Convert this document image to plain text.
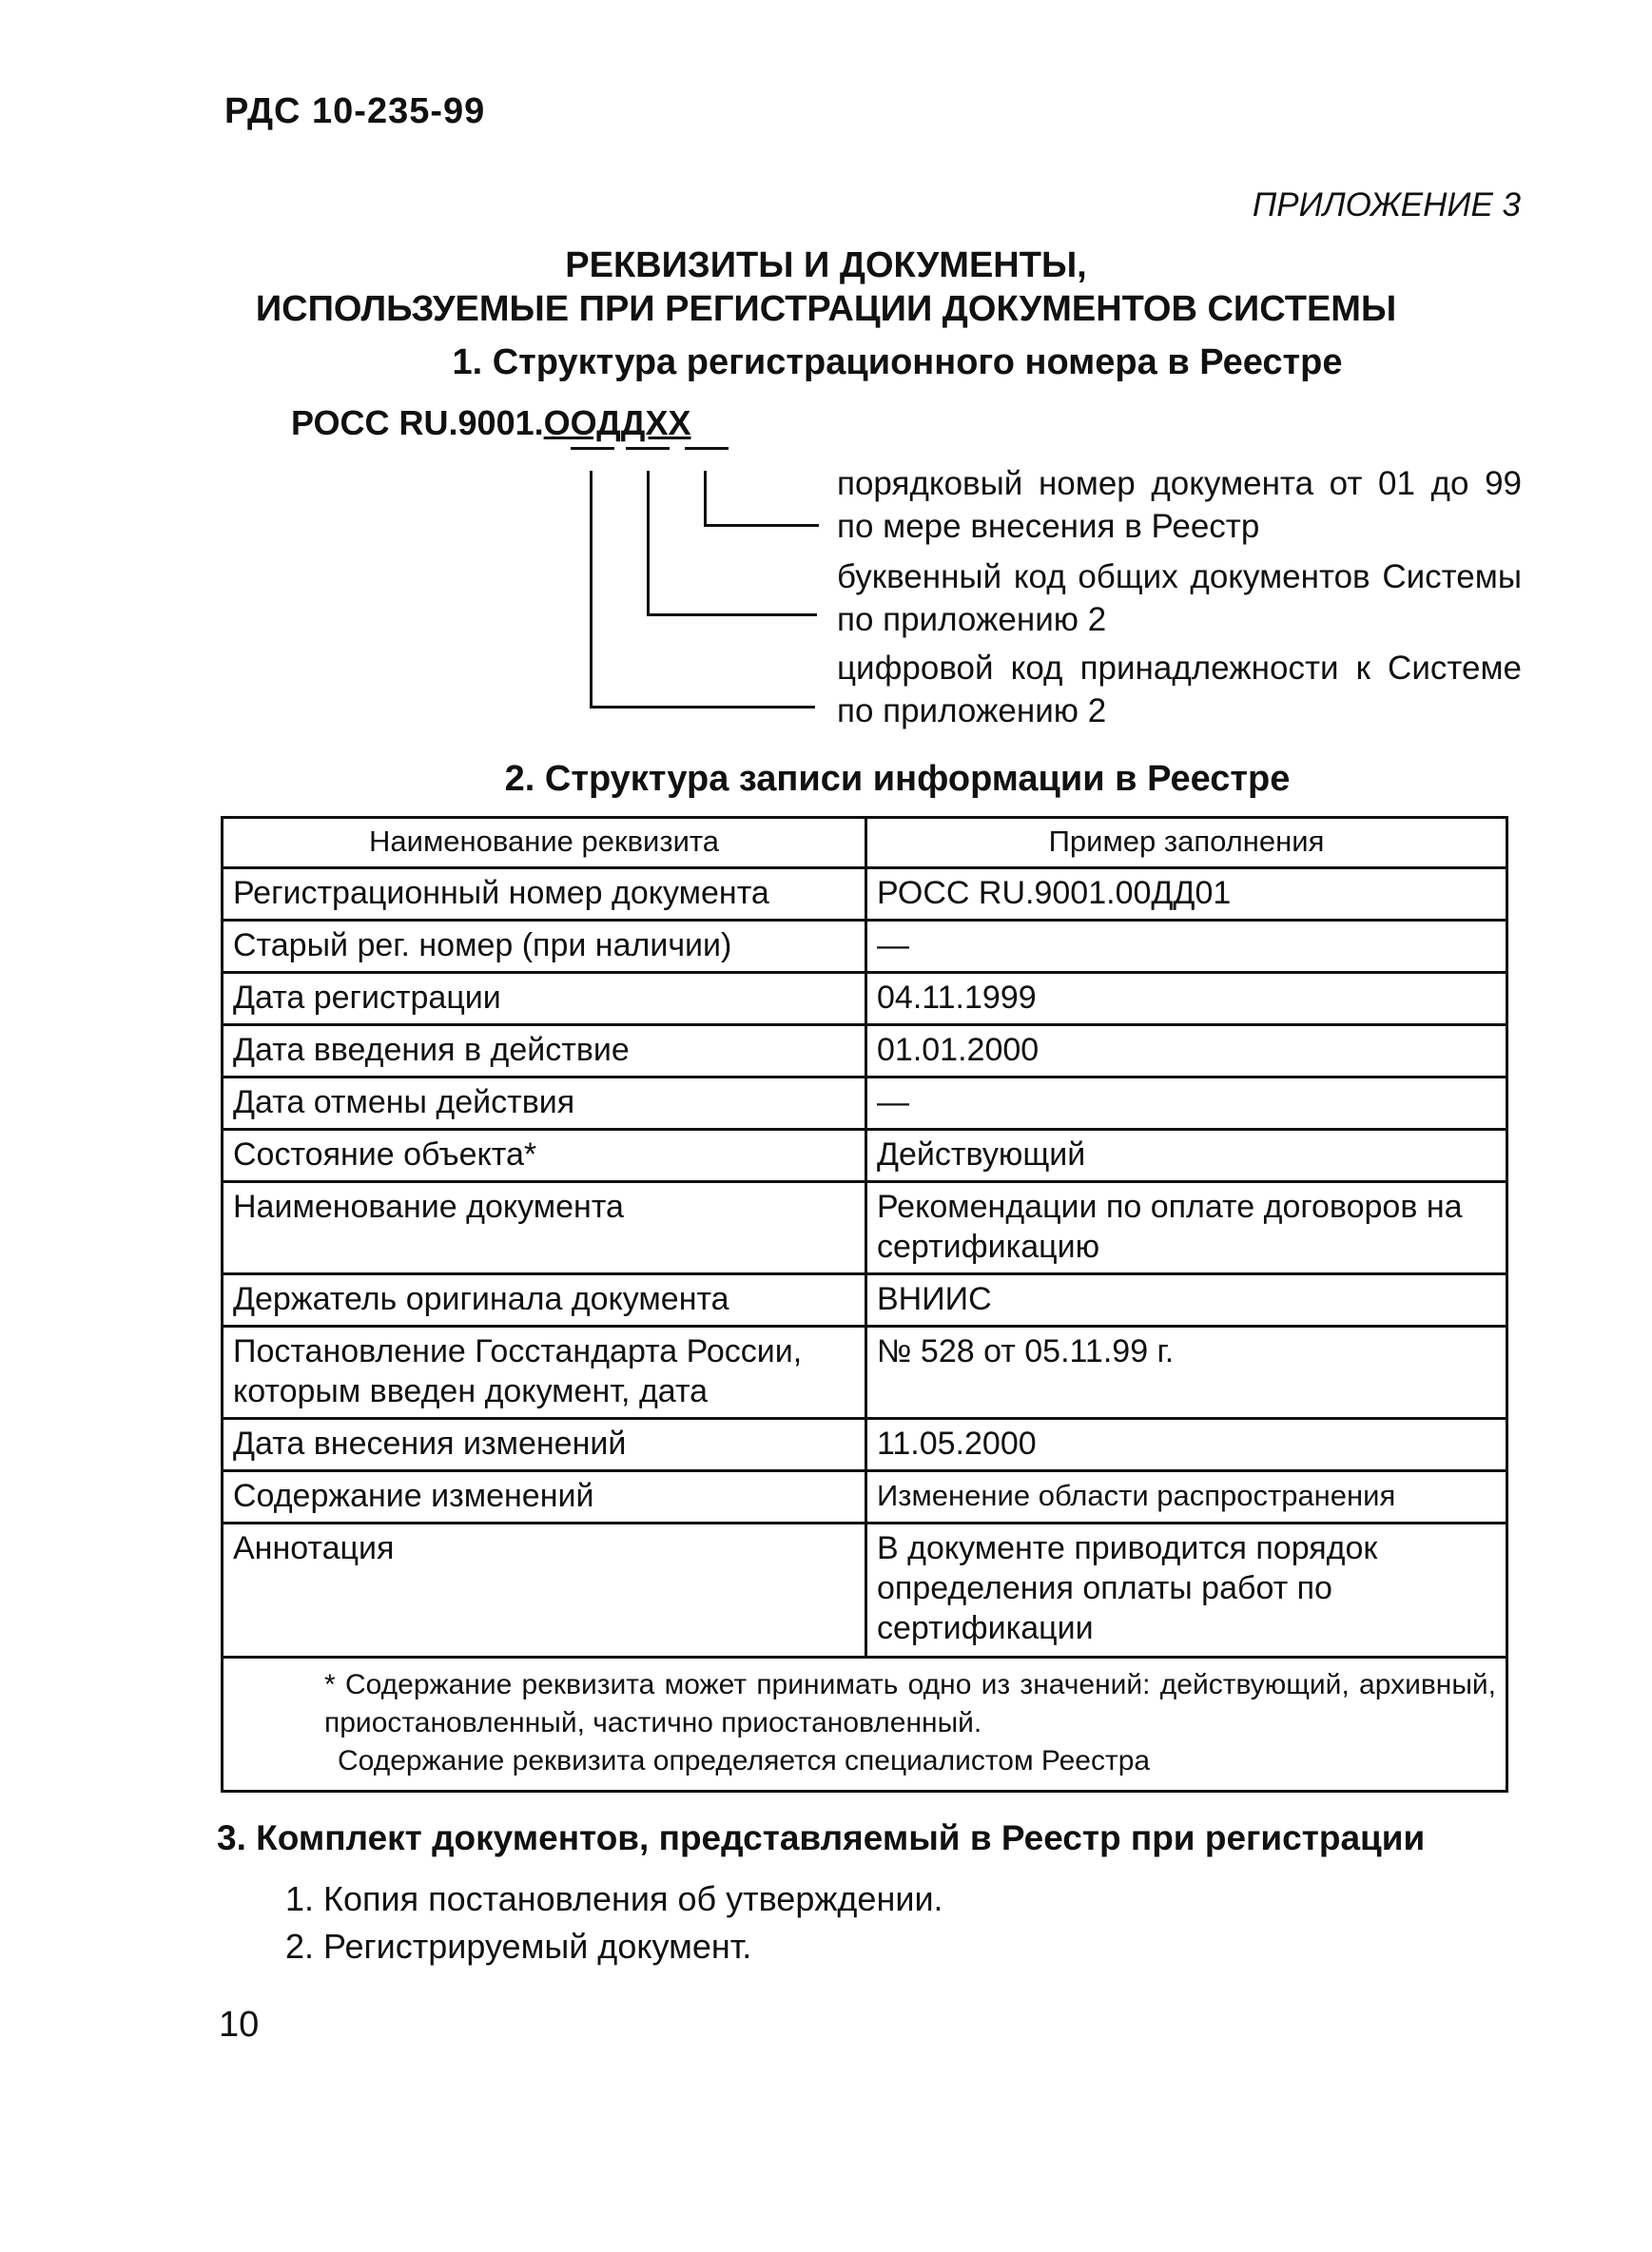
РДС 10-235-99
ПРИЛОЖЕНИЕ 3
РЕКВИЗИТЫ И ДОКУМЕНТЫ,
ИСПОЛЬЗУЕМЫЕ ПРИ РЕГИСТРАЦИИ ДОКУМЕНТОВ СИСТЕМЫ
1. Структура регистрационного номера в Реестре
РОСС RU.9001.ООДДХХ
порядковый номер документа от 01 до 99 по мере внесения в Реестр
буквенный код общих документов Системы по приложению 2
цифровой код принадлежности к Системе по приложению 2
2. Структура записи информации в Реестре
Наименование реквизита	Пример заполнения
Регистрационный номер документа	РОСС RU.9001.00ДД01
Старый рег. номер (при наличии)	—
Дата регистрации	04.11.1999
Дата введения в действие	01.01.2000
Дата отмены действия	—
Состояние объекта*	Действующий
Наименование документа	Рекомендации по оплате договоров на сертификацию
Держатель оригинала документа	ВНИИС
Постановление Госстандарта России, которым введен документ, дата	№ 528 от 05.11.99 г.
Дата внесения изменений	11.05.2000
Содержание изменений	Изменение области распространения
Аннотация	В документе приводится порядок определения оплаты работ по сертификации

* Содержание реквизита может принимать одно из значений: действующий, архивный, приостановленный, частично приостановленный.
Содержание реквизита определяется специалистом Реестра	
3. Комплект документов, представляемый в Реестр при регистрации
1. Копия постановления об утверждении.
2. Регистрируемый документ.
10
